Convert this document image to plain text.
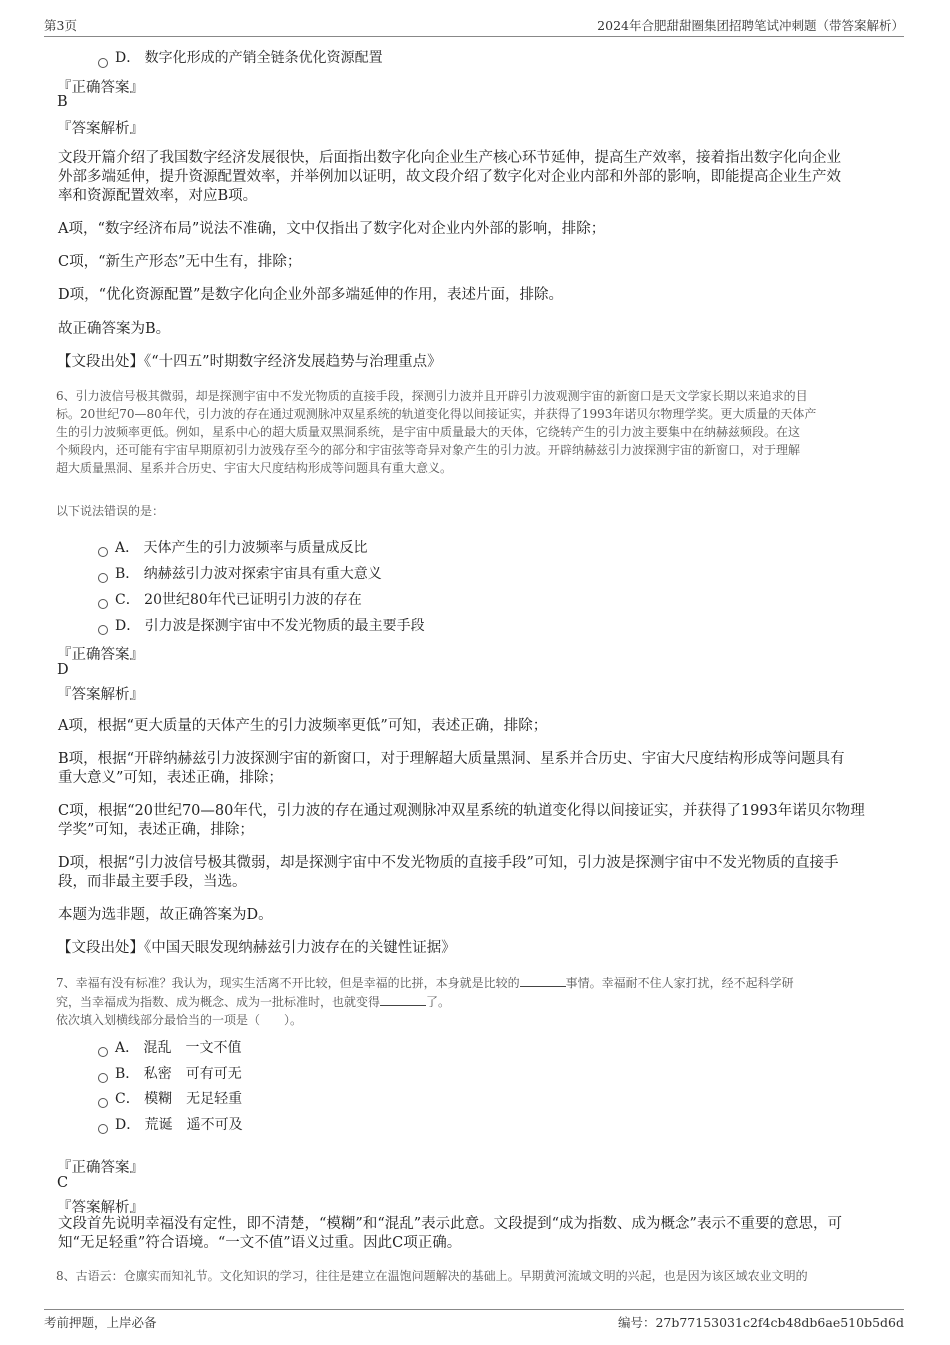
第3页	2024年合肥甜甜圈集团招聘笔试冲刺题（带答案解析）
D． 数字化形成的产销全链条优化资源配置
『正确答案』
B
『答案解析』
文段开篇介绍了我国数字经济发展很快，后面指出数字化向企业生产核心环节延伸，提高生产效率，接着指出数字化向企业
外部多端延伸，提升资源配置效率，并举例加以证明，故文段介绍了数字化对企业内部和外部的影响，即能提高企业生产效
率和资源配置效率，对应B项。
A项，“数字经济布局”说法不准确，文中仅指出了数字化对企业内外部的影响，排除；
C项，“新生产形态”无中生有，排除；
D项，“优化资源配置”是数字化向企业外部多端延伸的作用，表述片面，排除。
故正确答案为B。
【文段出处】《“十四五”时期数字经济发展趋势与治理重点》
6、引力波信号极其微弱，却是探测宇宙中不发光物质的直接手段，探测引力波并且开辟引力波观测宇宙的新窗口是天文学家长期以来追求的目
标。20世纪70—80年代，引力波的存在通过观测脉冲双星系统的轨道变化得以间接证实，并获得了1993年诺贝尔物理学奖。更大质量的天体产
生的引力波频率更低。例如，星系中心的超大质量双黑洞系统，是宇宙中质量最大的天体，它绕转产生的引力波主要集中在纳赫兹频段。在这
个频段内，还可能有宇宙早期原初引力波残存至今的部分和宇宙弦等奇异对象产生的引力波。开辟纳赫兹引力波探测宇宙的新窗口，对于理解
超大质量黑洞、星系并合历史、宇宙大尺度结构形成等问题具有重大意义。
以下说法错误的是：
A． 天体产生的引力波频率与质量成反比
B． 纳赫兹引力波对探索宇宙具有重大意义
C． 20世纪80年代已证明引力波的存在
D． 引力波是探测宇宙中不发光物质的最主要手段
『正确答案』
D
『答案解析』
A项，根据“更大质量的天体产生的引力波频率更低”可知，表述正确，排除；
B项，根据“开辟纳赫兹引力波探测宇宙的新窗口，对于理解超大质量黑洞、星系并合历史、宇宙大尺度结构形成等问题具有
重大意义”可知，表述正确，排除；
C项，根据“20世纪70—80年代，引力波的存在通过观测脉冲双星系统的轨道变化得以间接证实，并获得了1993年诺贝尔物理
学奖”可知，表述正确，排除；
D项，根据“引力波信号极其微弱，却是探测宇宙中不发光物质的直接手段”可知，引力波是探测宇宙中不发光物质的直接手
段，而非最主要手段，当选。
本题为选非题，故正确答案为D。
【文段出处】《中国天眼发现纳赫兹引力波存在的关键性证据》
7、幸福有没有标准？我认为，现实生活离不开比较，但是幸福的比拼，本身就是比较的	事情。幸福耐不住人家打扰，经不起科学研
究，当幸福成为指数、成为概念、成为一批标准时，也就变得	了。
依次填入划横线部分最恰当的一项是（　　）。
A． 混乱　一文不值
B． 私密　可有可无
C． 模糊　无足轻重
D． 荒诞　遥不可及
『正确答案』
C
『答案解析』
文段首先说明幸福没有定性，即不清楚，“模糊”和“混乱”表示此意。文段提到“成为指数、成为概念”表示不重要的意思，可
知“无足轻重”符合语境。“一文不值”语义过重。因此C项正确。
8、古语云：仓廪实而知礼节。文化知识的学习，往往是建立在温饱问题解决的基础上。早期黄河流域文明的兴起，也是因为该区域农业文明的
考前押题，上岸必备	编号：27b77153031c2f4cb48db6ae510b5d6d
